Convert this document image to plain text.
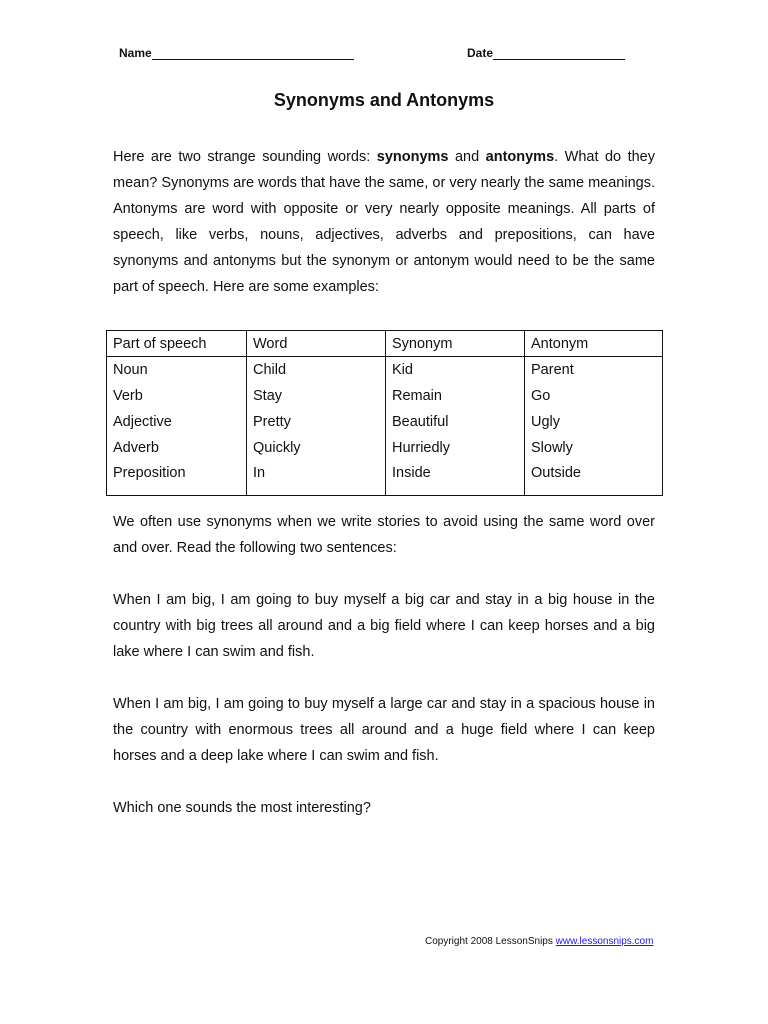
Name	Date
Synonyms and Antonyms

Here are two strange sounding words: synonyms and antonyms. What do they mean? Synonyms are words that have the same, or very nearly the same meanings. Antonyms are word with opposite or very nearly opposite meanings. All parts of speech, like verbs, nouns, adjectives, adverbs and prepositions, can have synonyms and antonyms but the synonym or antonym would need to be the same part of speech. Here are some examples:

Part of speech	Word	Synonym	Antonym
Noun	Child	Kid	Parent
Verb	Stay	Remain	Go
Adjective	Pretty	Beautiful	Ugly
Adverb	Quickly	Hurriedly	Slowly
Preposition	In	Inside	Outside

We often use synonyms when we write stories to avoid using the same word over and over. Read the following two sentences:

When I am big, I am going to buy myself a big car and stay in a big house in the country with big trees all around and a big field where I can keep horses and a big lake where I can swim and fish.

When I am big, I am going to buy myself a large car and stay in a spacious house in the country with enormous trees all around and a huge field where I can keep horses and a deep lake where I can swim and fish.

Which one sounds the most interesting?

Copyright 2008 LessonSnips www.lessonsnips.com
